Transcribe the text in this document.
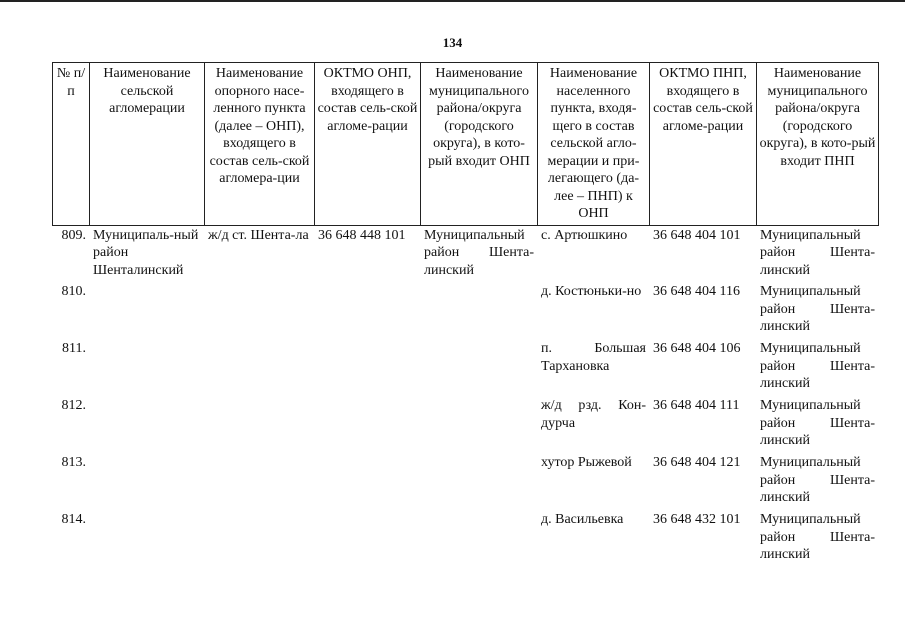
134
№ п/п	Наименование сельской агломерации	Наименование опорного насе-ленного пункта (далее – ОНП), входящего в состав сель-ской агломера-ции	ОКТМО ОНП, входящего в состав сель-ской агломе-рации	Наименование муниципального района/округа (городского округа), в кото-рый входит ОНП	Наименование населенного пункта, входя-щего в состав сельской агло-мерации и при-легающего (да-лее – ПНП) к ОНП	ОКТМО ПНП, входящего в состав сель-ской агломе-рации	Наименование муниципального района/округа (городского округа), в кото-рый входит ПНП
809.	Муниципаль-ный район Шенталинский	ж/д ст. Шента-ла	36 648 448 101	Муниципальный район Шента-линский	с. Артюшкино	36 648 404 101	Муниципальный район Шента-линский
810.					д. Костюньки-но	36 648 404 116	Муниципальный район Шента-линский
811.					п. Большая Тархановка	36 648 404 106	Муниципальный район Шента-линский
812.					ж/д рзд. Кон-дурча	36 648 404 111	Муниципальный район Шента-линский
813.					хутор Рыжевой	36 648 404 121	Муниципальный район Шента-линский
814.					д. Васильевка	36 648 432 101	Муниципальный район Шента-линский
